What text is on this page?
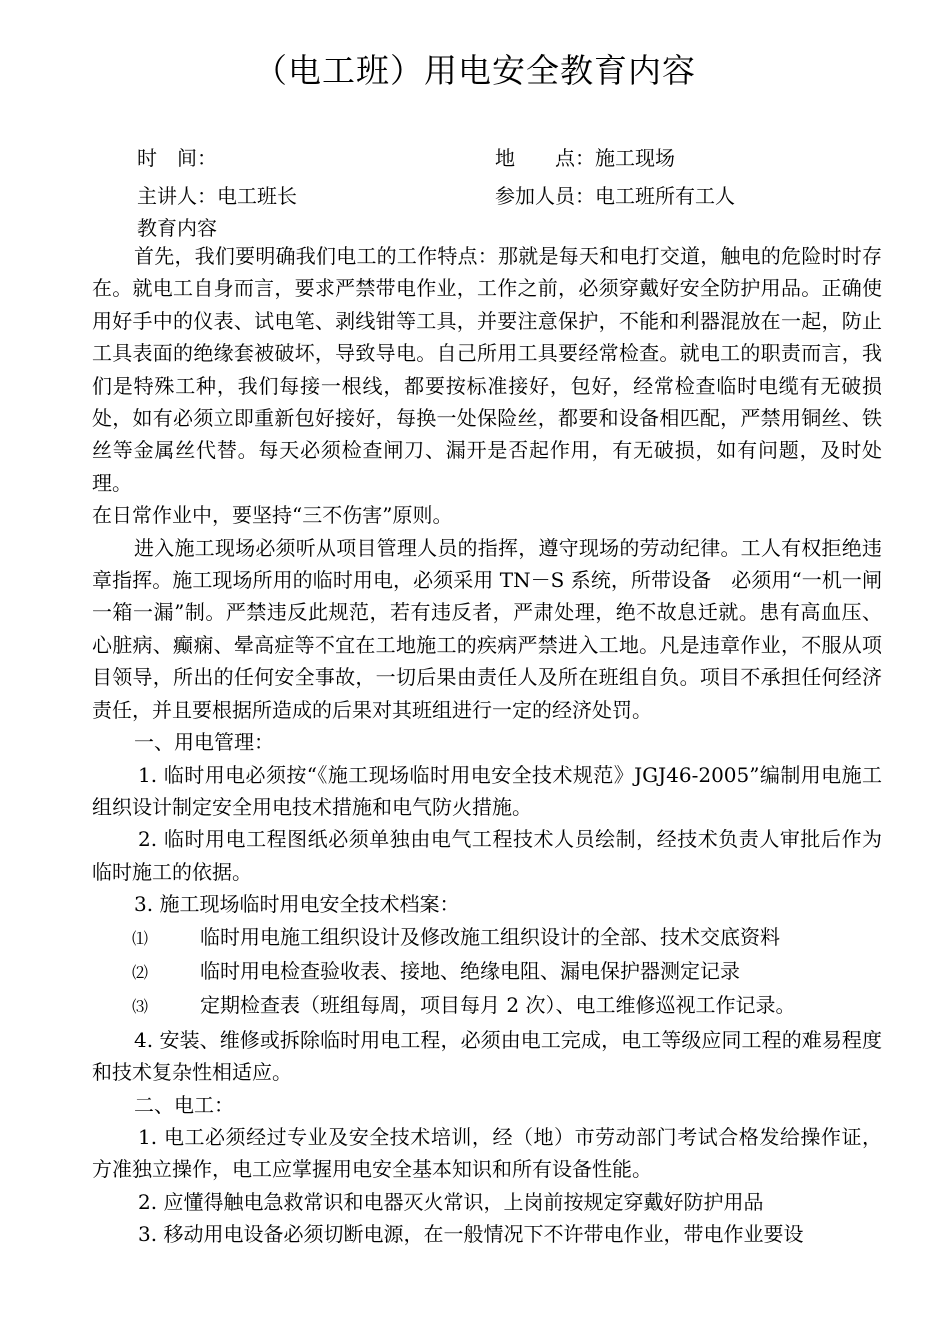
（电工班）用电安全教育内容
时　间：	地　　点：施工现场
主讲人：电工班长	参加人员：电工班所有工人
教育内容

首先，我们要明确我们电工的工作特点：那就是每天和电打交道，触电的危险时时存在。就电工自身而言，要求严禁带电作业，工作之前，必须穿戴好安全防护用品。正确使用好手中的仪表、试电笔、剥线钳等工具，并要注意保护，不能和利器混放在一起，防止工具表面的绝缘套被破坏，导致导电。自己所用工具要经常检查。就电工的职责而言，我们是特殊工种，我们每接一根线，都要按标准接好，包好，经常检查临时电缆有无破损处，如有必须立即重新包好接好，每换一处保险丝，都要和设备相匹配，严禁用铜丝、铁丝等金属丝代替。每天必须检查闸刀、漏开是否起作用，有无破损，如有问题，及时处理。

在日常作业中，要坚持“三不伤害”原则。

进入施工现场必须听从项目管理人员的指挥，遵守现场的劳动纪律。工人有权拒绝违章指挥。施工现场所用的临时用电，必须采用 TN－S 系统，所带设备　必须用“一机一闸一箱一漏”制。严禁违反此规范，若有违反者，严肃处理，绝不故息迁就。患有高血压、心脏病、癫痫、晕高症等不宜在工地施工的疾病严禁进入工地。凡是违章作业，不服从项目领导，所出的任何安全事故，一切后果由责任人及所在班组自负。项目不承担任何经济责任，并且要根据所造成的后果对其班组进行一定的经济处罚。

一、用电管理：

1. 临时用电必须按“《施工现场临时用电安全技术规范》JGJ46-2005”编制用电施工组织设计制定安全用电技术措施和电气防火措施。

2. 临时用电工程图纸必须单独由电气工程技术人员绘制，经技术负责人审批后作为临时施工的依据。

3. 施工现场临时用电安全技术档案：

⑴	临时用电施工组织设计及修改施工组织设计的全部、技术交底资料

⑵	临时用电检查验收表、接地、绝缘电阻、漏电保护器测定记录

⑶	定期检查表（班组每周，项目每月 2 次）、电工维修巡视工作记录。

4. 安装、维修或拆除临时用电工程，必须由电工完成，电工等级应同工程的难易程度和技术复杂性相适应。

二、电工：

1. 电工必须经过专业及安全技术培训，经（地）市劳动部门考试合格发给操作证，方准独立操作，电工应掌握用电安全基本知识和所有设备性能。

2. 应懂得触电急救常识和电器灭火常识，上岗前按规定穿戴好防护用品

3. 移动用电设备必须切断电源，在一般情况下不许带电作业，带电作业要设
